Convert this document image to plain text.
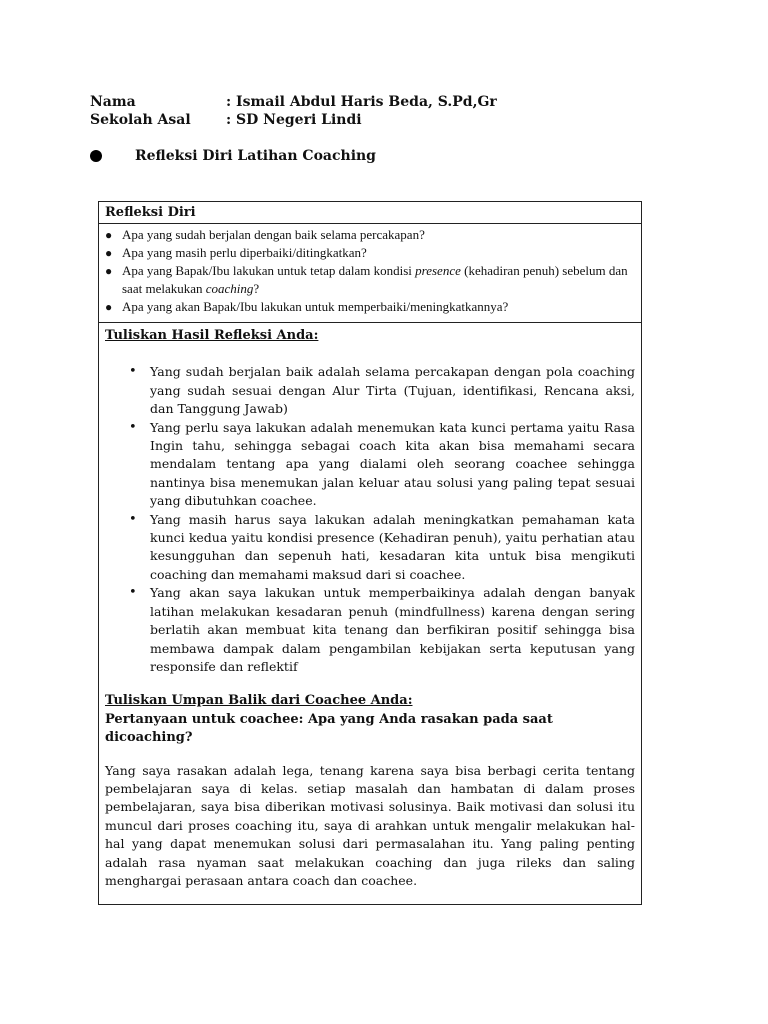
Nama	: Ismail Abdul Haris Beda, S.Pd,Gr
Sekolah Asal	: SD Negeri Lindi
Refleksi Diri Latihan Coaching
Refleksi Diri
● Apa yang sudah berjalan dengan baik selama percakapan?
● Apa yang masih perlu diperbaiki/ditingkatkan?
● Apa yang Bapak/Ibu lakukan untuk tetap dalam kondisi presence (kehadiran penuh) sebelum dan saat melakukan coaching?
● Apa yang akan Bapak/Ibu lakukan untuk memperbaiki/meningkatkannya?
Tuliskan Hasil Refleksi Anda:
• Yang sudah berjalan baik adalah selama percakapan dengan pola coaching yang sudah sesuai dengan Alur Tirta (Tujuan, identifikasi, Rencana aksi, dan Tanggung Jawab)
• Yang perlu saya lakukan adalah menemukan kata kunci pertama yaitu Rasa Ingin tahu, sehingga sebagai coach kita akan bisa memahami secara mendalam tentang apa yang dialami oleh seorang coachee sehingga nantinya bisa menemukan jalan keluar atau solusi yang paling tepat sesuai yang dibutuhkan coachee.
• Yang masih harus saya lakukan adalah meningkatkan pemahaman kata kunci kedua yaitu kondisi presence (Kehadiran penuh), yaitu perhatian atau kesungguhan dan sepenuh hati, kesadaran kita untuk bisa mengikuti coaching dan memahami maksud dari si coachee.
• Yang akan saya lakukan untuk memperbaikinya adalah dengan banyak latihan melakukan kesadaran penuh (mindfullness) karena dengan sering berlatih akan membuat kita tenang dan berfikiran positif sehingga bisa membawa dampak dalam pengambilan kebijakan serta keputusan yang responsife dan reflektif
Tuliskan Umpan Balik dari Coachee Anda:
Pertanyaan untuk coachee: Apa yang Anda rasakan pada saat dicoaching?
Yang saya rasakan adalah lega, tenang karena saya bisa berbagi cerita tentang pembelajaran saya di kelas. setiap masalah dan hambatan di dalam proses pembelajaran, saya bisa diberikan motivasi solusinya. Baik motivasi dan solusi itu muncul dari proses coaching itu, saya di arahkan untuk mengalir melakukan hal-hal yang dapat menemukan solusi dari permasalahan itu. Yang paling penting adalah rasa nyaman saat melakukan coaching dan juga rileks dan saling menghargai perasaan antara coach dan coachee.
